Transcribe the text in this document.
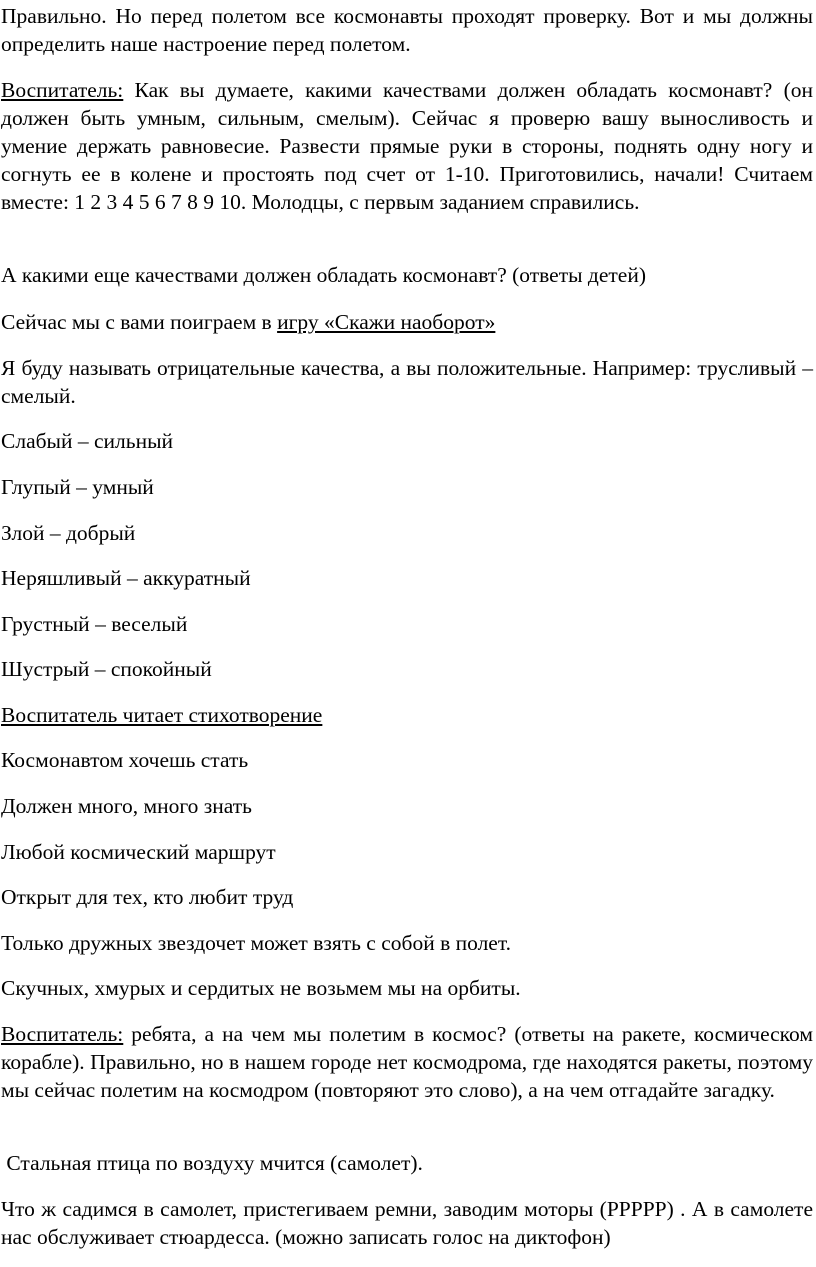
Правильно. Но перед полетом все космонавты проходят проверку. Вот и мы должны определить наше настроение перед полетом.

Воспитатель: Как вы думаете, какими качествами должен обладать космонавт? (он должен быть умным, сильным, смелым). Сейчас я проверю вашу выносливость и умение держать равновесие. Развести прямые руки в стороны, поднять одну ногу и согнуть ее в колене и простоять под счет от 1-10. Приготовились, начали! Считаем вместе: 1 2 3 4 5 6 7 8 9 10. Молодцы, с первым заданием справились.

А какими еще качествами должен обладать космонавт? (ответы детей)

Сейчас мы с вами поиграем в игру «Скажи наоборот»

Я буду называть отрицательные качества, а вы положительные. Например: трусливый – смелый.

Слабый – сильный

Глупый – умный

Злой – добрый

Неряшливый – аккуратный

Грустный – веселый

Шустрый – спокойный

Воспитатель читает стихотворение

Космонавтом хочешь стать

Должен много, много знать

Любой космический маршрут

Открыт для тех, кто любит труд

Только дружных звездочет может взять с собой в полет.

Скучных, хмурых и сердитых не возьмем мы на орбиты.

Воспитатель: ребята, а на чем мы полетим в космос? (ответы на ракете, космическом корабле). Правильно, но в нашем городе нет космодрома, где находятся ракеты, поэтому мы сейчас полетим на космодром (повторяют это слово), а на чем отгадайте загадку.

Стальная птица по воздуху мчится (самолет).

Что ж садимся в самолет, пристегиваем ремни, заводим моторы (РРРРР) . А в самолете нас обслуживает стюардесса. (можно записать голос на диктофон)
